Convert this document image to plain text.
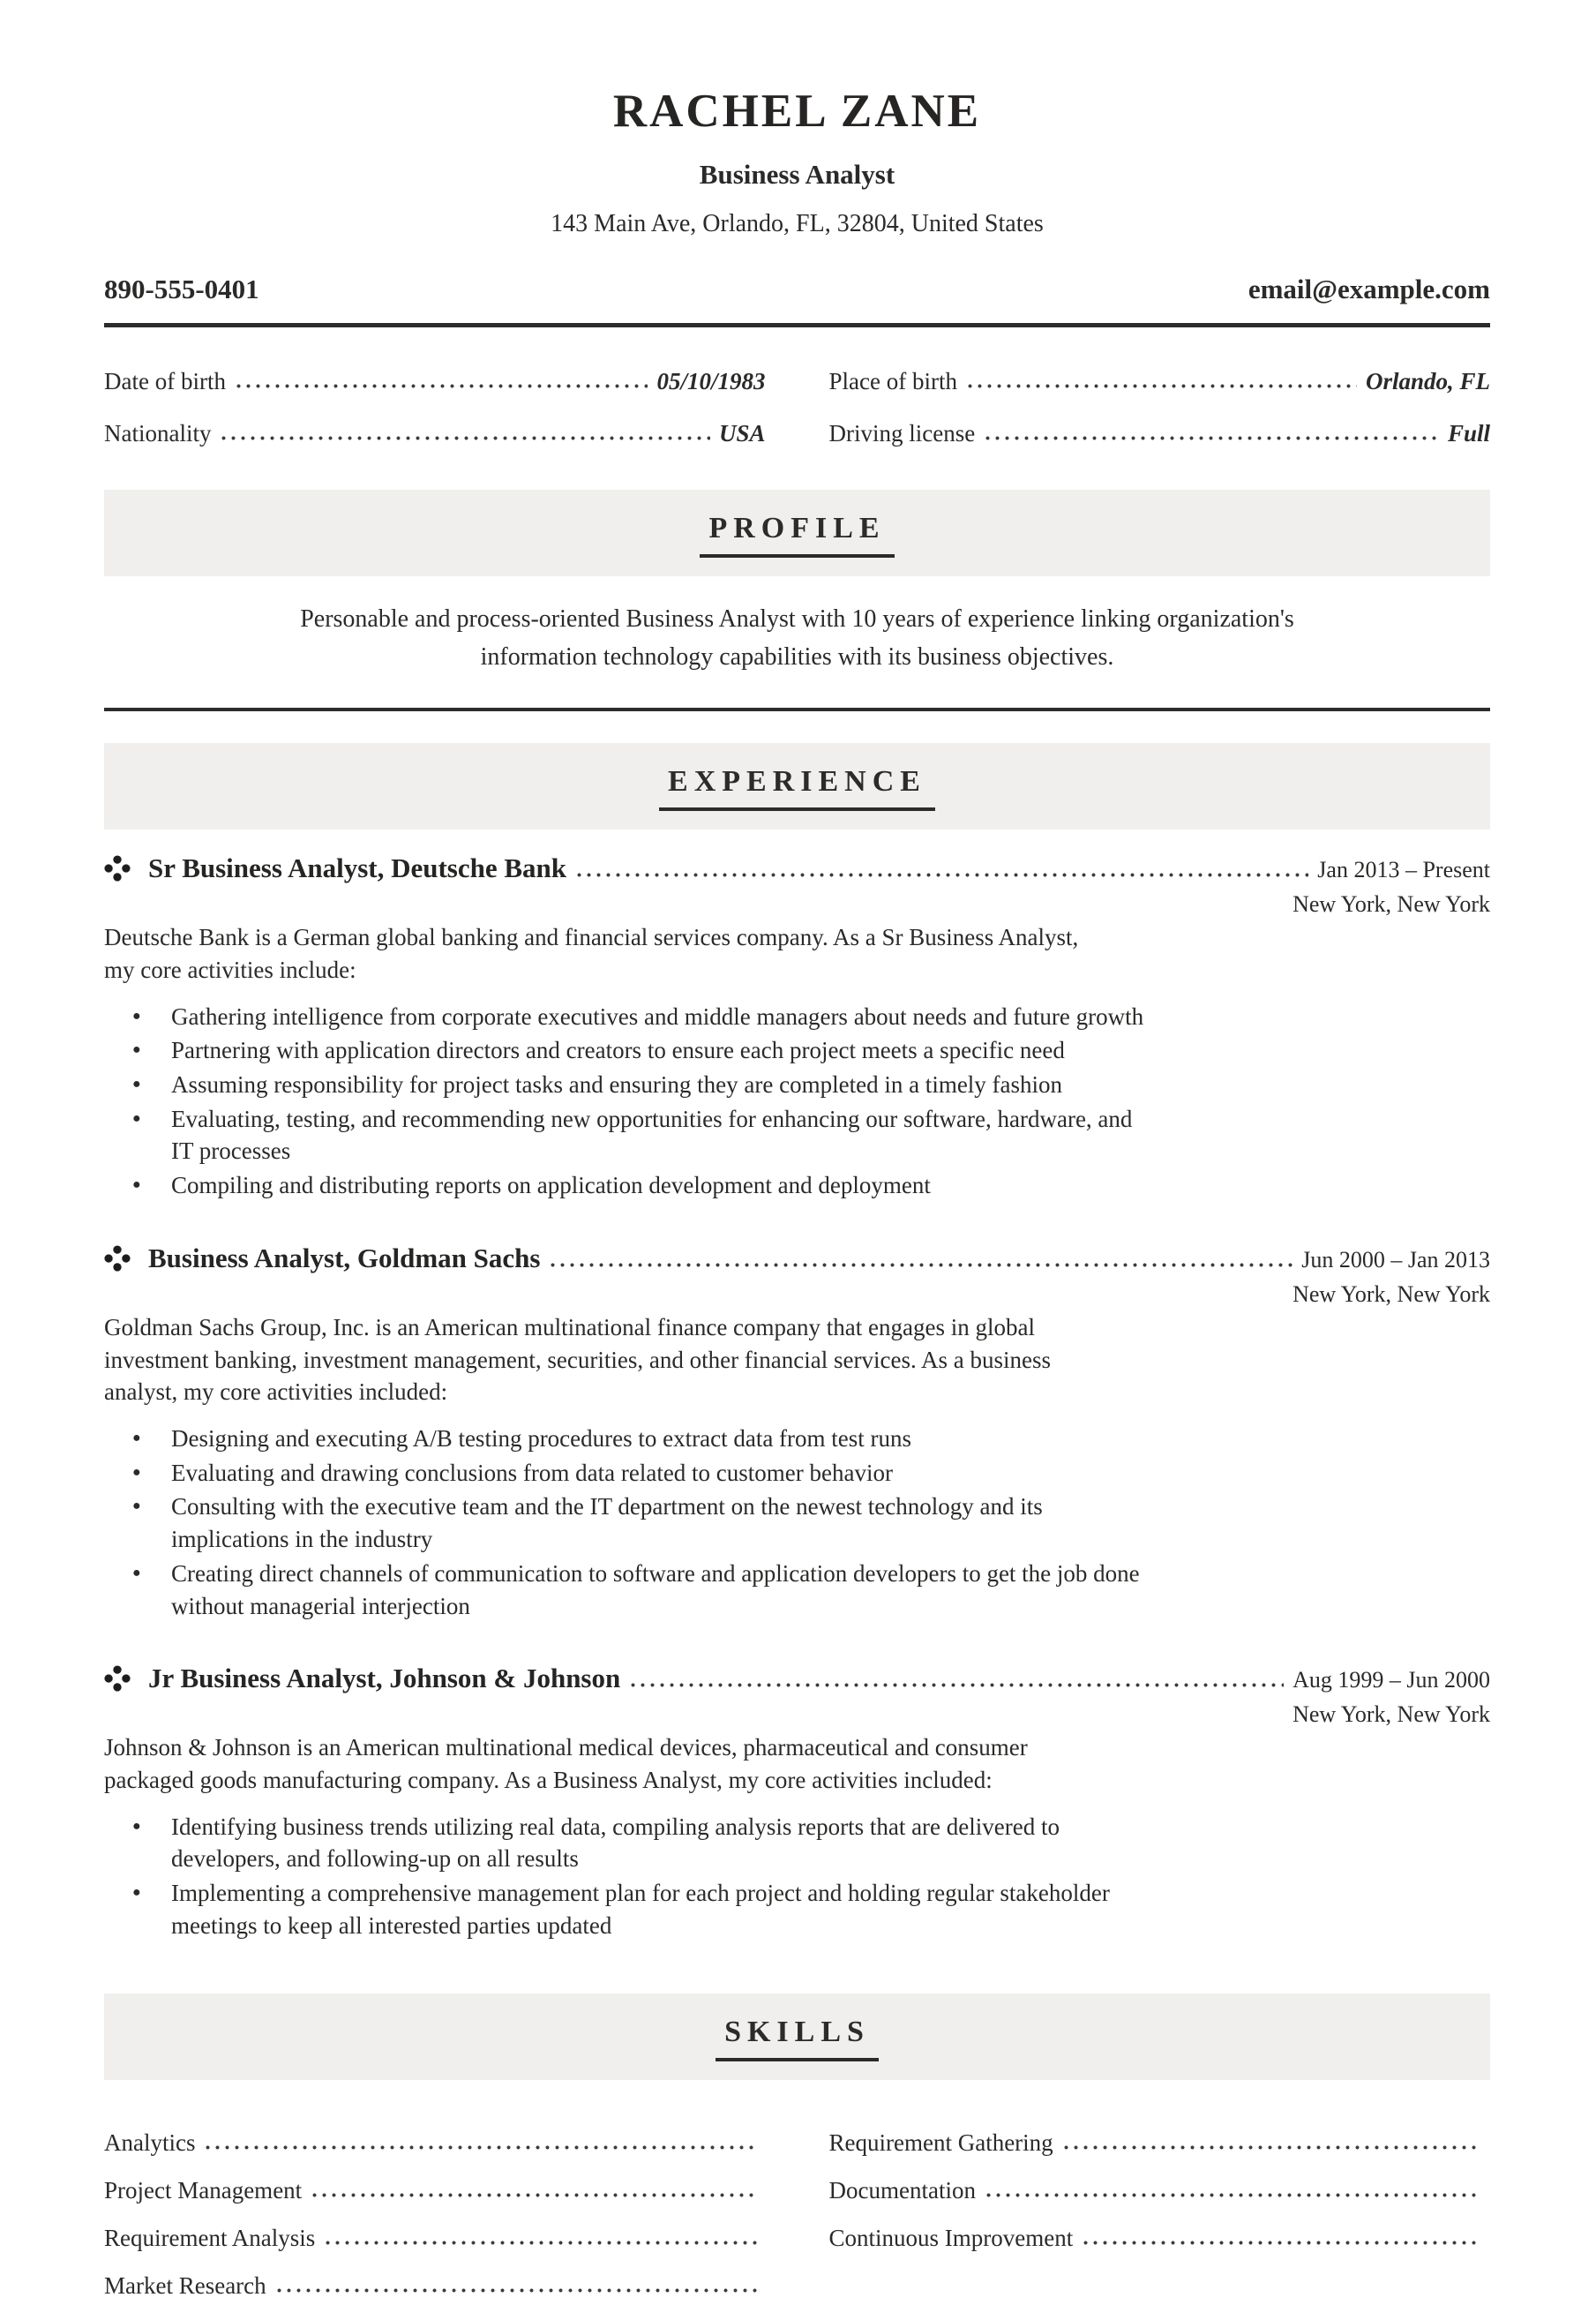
RACHEL ZANE
Business Analyst
143 Main Ave, Orlando, FL, 32804, United States
890-555-0401	email@example.com
Date of birth	05/10/1983
Nationality	USA
Place of birth	Orlando, FL
Driving license	Full
PROFILE

Personable and process-oriented Business Analyst with 10 years of experience linking organization's information technology capabilities with its business objectives.

EXPERIENCE
Sr Business Analyst, Deutsche Bank	Jan 2013 – Present
New York, New York

Deutsche Bank is a German global banking and financial services company. As a Sr Business Analyst, my core activities include:

● Gathering intelligence from corporate executives and middle managers about needs and future growth
● Partnering with application directors and creators to ensure each project meets a specific need
● Assuming responsibility for project tasks and ensuring they are completed in a timely fashion
● Evaluating, testing, and recommending new opportunities for enhancing our software, hardware, and IT processes
● Compiling and distributing reports on application development and deployment
Business Analyst, Goldman Sachs	Jun 2000 – Jan 2013
New York, New York

Goldman Sachs Group, Inc. is an American multinational finance company that engages in global investment banking, investment management, securities, and other financial services. As a business analyst, my core activities included:

● Designing and executing A/B testing procedures to extract data from test runs
● Evaluating and drawing conclusions from data related to customer behavior
● Consulting with the executive team and the IT department on the newest technology and its implications in the industry
● Creating direct channels of communication to software and application developers to get the job done without managerial interjection
Jr Business Analyst, Johnson & Johnson	Aug 1999 – Jun 2000
New York, New York

Johnson & Johnson is an American multinational medical devices, pharmaceutical and consumer packaged goods manufacturing company. As a Business Analyst, my core activities included:

● Identifying business trends utilizing real data, compiling analysis reports that are delivered to developers, and following-up on all results
● Implementing a comprehensive management plan for each project and holding regular stakeholder meetings to keep all interested parties updated
SKILLS
Analytics
Project Management
Requirement Analysis
Market Research
Requirement Gathering
Documentation
Continuous Improvement
